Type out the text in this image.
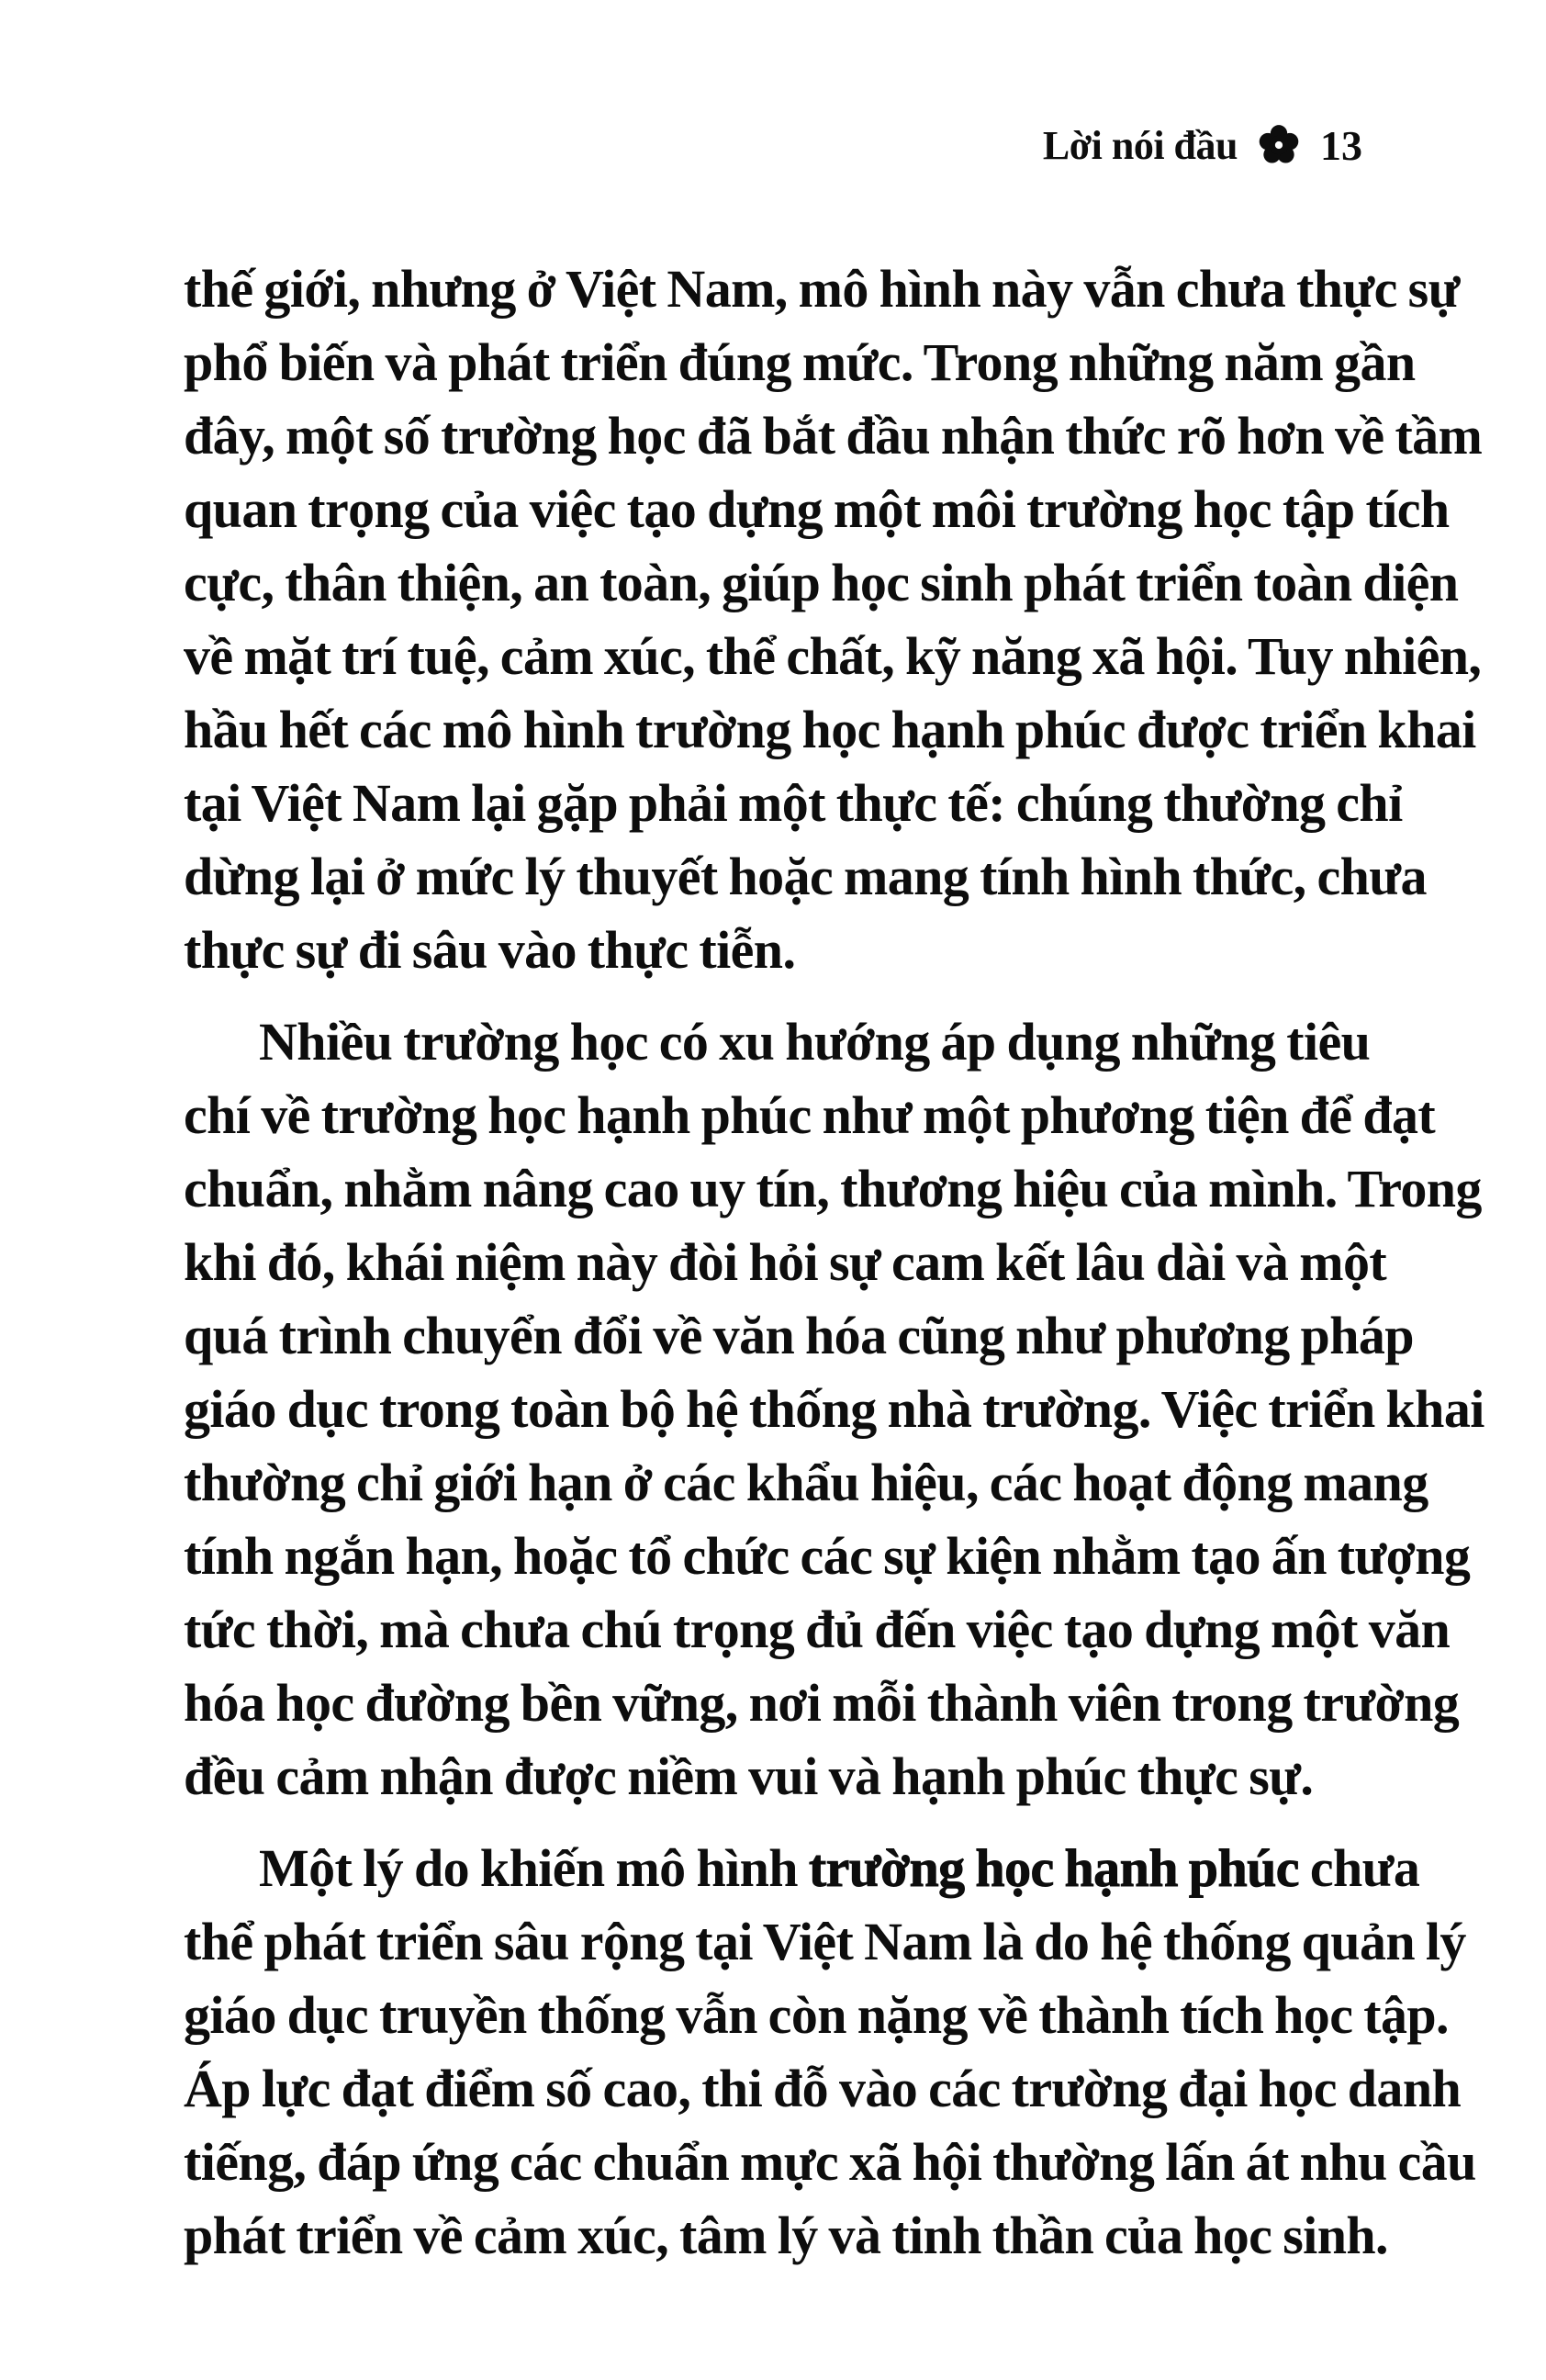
Lời nói đầu 13
thế giới, nhưng ở Việt Nam, mô hình này vẫn chưa thực sự
phổ biến và phát triển đúng mức. Trong những năm gần
đây, một số trường học đã bắt đầu nhận thức rõ hơn về tầm
quan trọng của việc tạo dựng một môi trường học tập tích
cực, thân thiện, an toàn, giúp học sinh phát triển toàn diện
về mặt trí tuệ, cảm xúc, thể chất, kỹ năng xã hội. Tuy nhiên,
hầu hết các mô hình trường học hạnh phúc được triển khai
tại Việt Nam lại gặp phải một thực tế: chúng thường chỉ
dừng lại ở mức lý thuyết hoặc mang tính hình thức, chưa
thực sự đi sâu vào thực tiễn.
Nhiều trường học có xu hướng áp dụng những tiêu
chí về trường học hạnh phúc như một phương tiện để đạt
chuẩn, nhằm nâng cao uy tín, thương hiệu của mình. Trong
khi đó, khái niệm này đòi hỏi sự cam kết lâu dài và một
quá trình chuyển đổi về văn hóa cũng như phương pháp
giáo dục trong toàn bộ hệ thống nhà trường. Việc triển khai
thường chỉ giới hạn ở các khẩu hiệu, các hoạt động mang
tính ngắn hạn, hoặc tổ chức các sự kiện nhằm tạo ấn tượng
tức thời, mà chưa chú trọng đủ đến việc tạo dựng một văn
hóa học đường bền vững, nơi mỗi thành viên trong trường
đều cảm nhận được niềm vui và hạnh phúc thực sự.
Một lý do khiến mô hình trường học hạnh phúc chưa
thể phát triển sâu rộng tại Việt Nam là do hệ thống quản lý
giáo dục truyền thống vẫn còn nặng về thành tích học tập.
Áp lực đạt điểm số cao, thi đỗ vào các trường đại học danh
tiếng, đáp ứng các chuẩn mực xã hội thường lấn át nhu cầu
phát triển về cảm xúc, tâm lý và tinh thần của học sinh.
